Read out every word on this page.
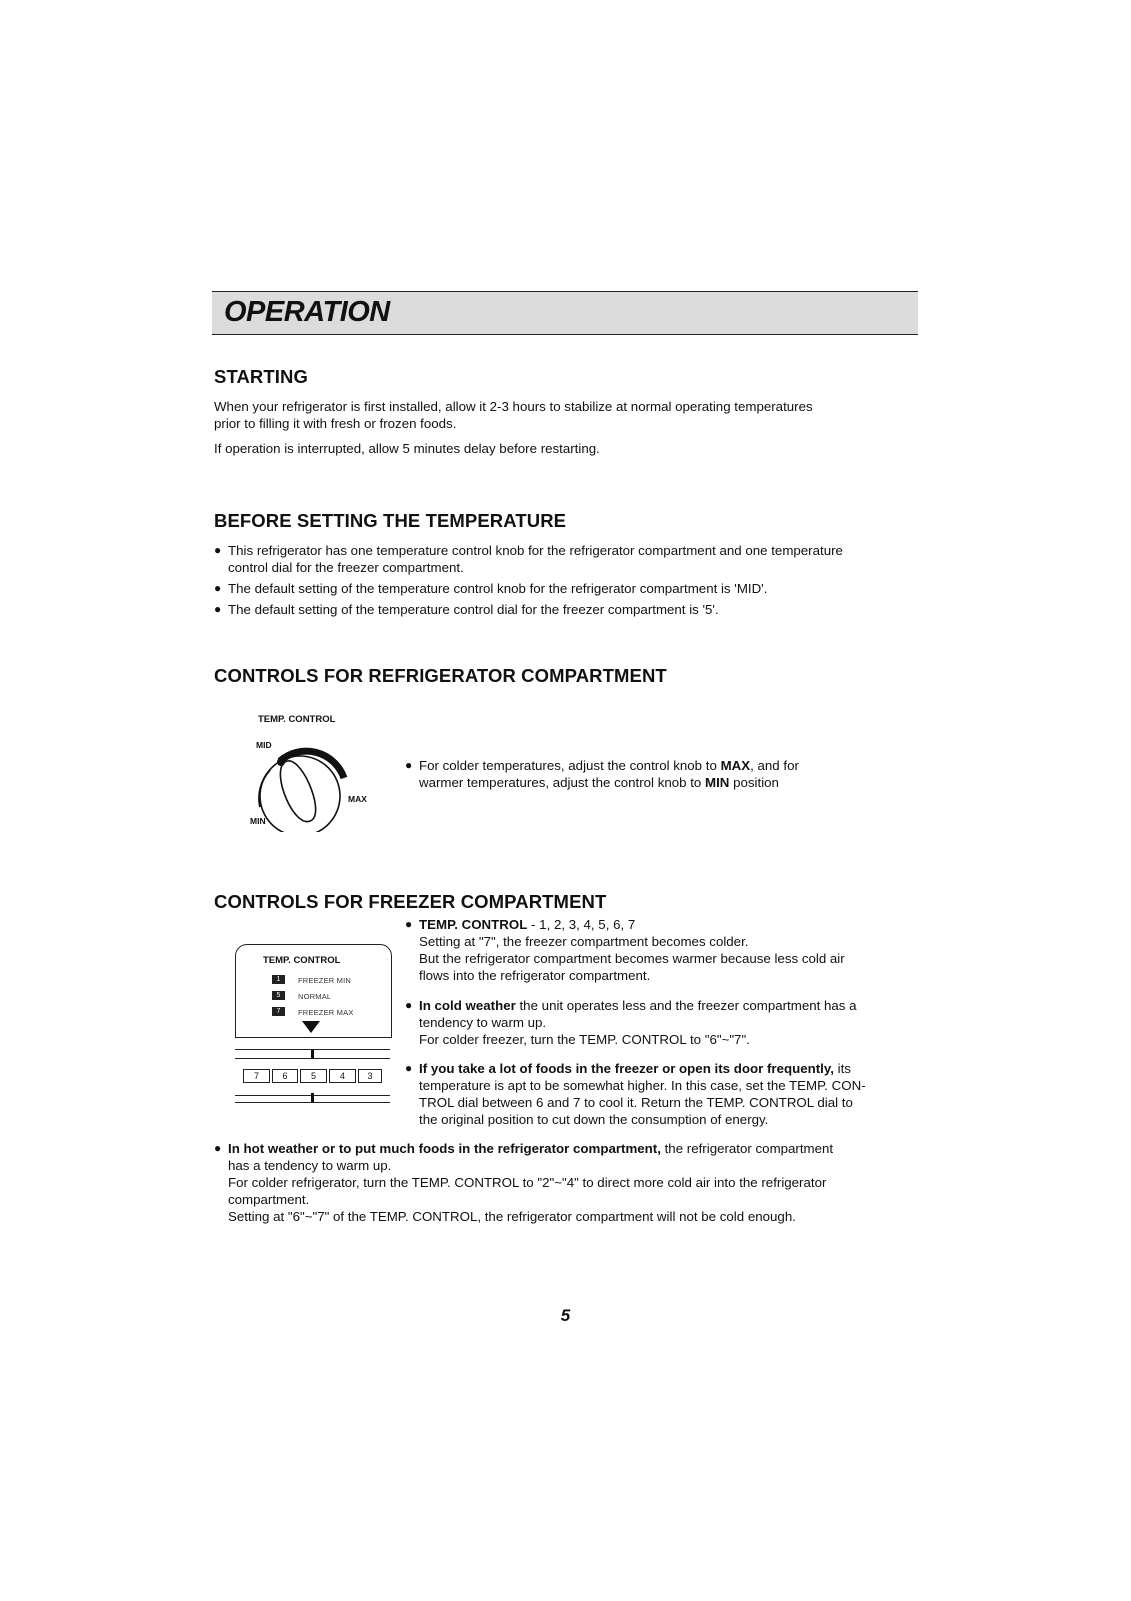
OPERATION
STARTING
When your refrigerator is first installed, allow it 2-3 hours to stabilize at normal operating temperatures
prior to filling it with fresh or frozen foods.
If operation is interrupted, allow 5 minutes delay before restarting.
BEFORE SETTING THE TEMPERATURE
● This refrigerator has one temperature control knob for the refrigerator compartment and one temperature
control dial for the freezer compartment.
● The default setting of the temperature control knob for the refrigerator compartment is 'MID'.
● The default setting of the temperature control dial for the freezer compartment is '5'.
CONTROLS FOR REFRIGERATOR COMPARTMENT
TEMP. CONTROL
MID
MAX
MIN
● For colder temperatures, adjust the control knob to MAX, and for
warmer temperatures, adjust the control knob to MIN position
CONTROLS FOR FREEZER COMPARTMENT
TEMP. CONTROL
1	FREEZER MIN
5	NORMAL
7	FREEZER MAX
7	6	5	4	3
● TEMP. CONTROL - 1, 2, 3, 4, 5, 6, 7
Setting at "7", the freezer compartment becomes colder.
But the refrigerator compartment becomes warmer because less cold air
flows into the refrigerator compartment.
● In cold weather the unit operates less and the freezer compartment has a
tendency to warm up.
For colder freezer, turn the TEMP. CONTROL to "6"~"7".
● If you take a lot of foods in the freezer or open its door frequently, its
temperature is apt to be somewhat higher. In this case, set the TEMP. CON-
TROL dial between 6 and 7 to cool it. Return the TEMP. CONTROL dial to
the original position to cut down the consumption of energy.
● In hot weather or to put much foods in the refrigerator compartment, the refrigerator compartment
has a tendency to warm up.
For colder refrigerator, turn the TEMP. CONTROL to "2"~"4" to direct more cold air into the refrigerator
compartment.
Setting at "6"~"7" of the TEMP. CONTROL, the refrigerator compartment will not be cold enough.
5
